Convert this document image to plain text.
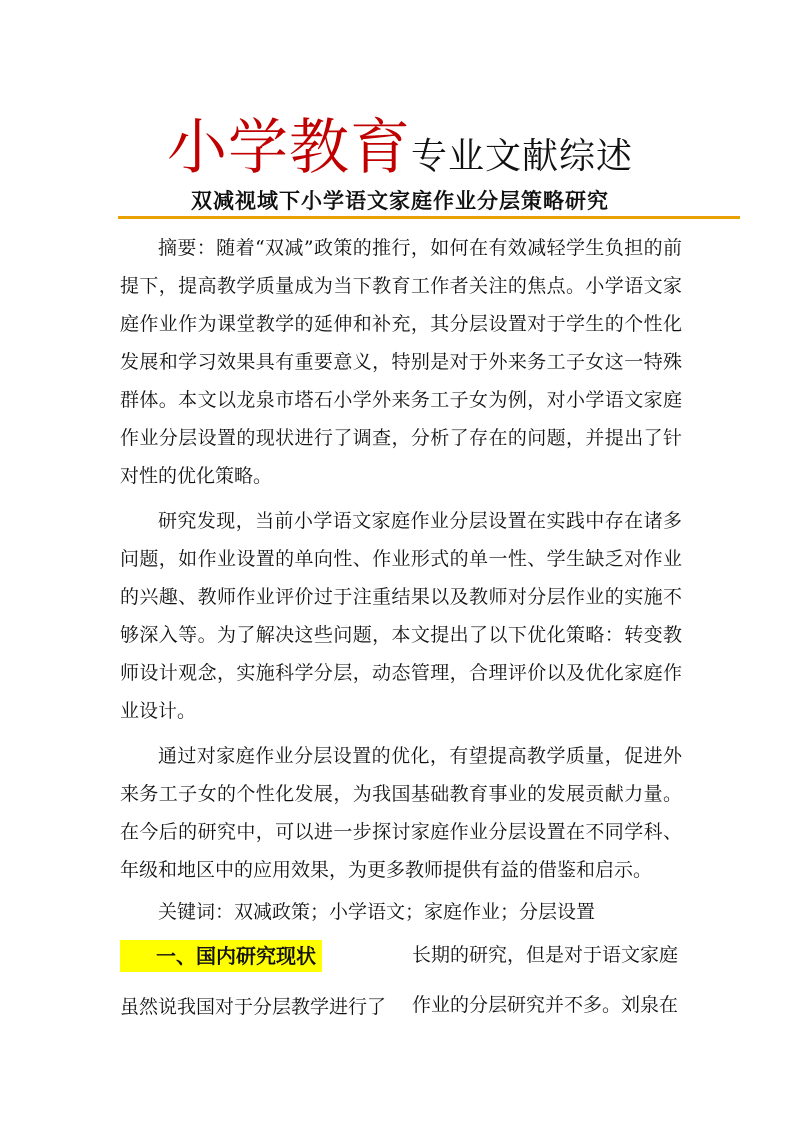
小学教育专业文献综述
双减视域下小学语文家庭作业分层策略研究

摘要：随着“双减”政策的推行，如何在有效减轻学生负担的前提下，提高教学质量成为当下教育工作者关注的焦点。小学语文家庭作业作为课堂教学的延伸和补充，其分层设置对于学生的个性化发展和学习效果具有重要意义，特别是对于外来务工子女这一特殊群体。本文以龙泉市塔石小学外来务工子女为例，对小学语文家庭作业分层设置的现状进行了调查，分析了存在的问题，并提出了针对性的优化策略。

研究发现，当前小学语文家庭作业分层设置在实践中存在诸多问题，如作业设置的单向性、作业形式的单一性、学生缺乏对作业的兴趣、教师作业评价过于注重结果以及教师对分层作业的实施不够深入等。为了解决这些问题，本文提出了以下优化策略：转变教师设计观念，实施科学分层，动态管理，合理评价以及优化家庭作业设计。

通过对家庭作业分层设置的优化，有望提高教学质量，促进外来务工子女的个性化发展，为我国基础教育事业的发展贡献力量。在今后的研究中，可以进一步探讨家庭作业分层设置在不同学科、年级和地区中的应用效果，为更多教师提供有益的借鉴和启示。

关键词：双减政策；小学语文；家庭作业；分层设置
一、国内研究现状
虽然说我国对于分层教学进行了
长期的研究，但是对于语文家庭
作业的分层研究并不多。刘泉在
